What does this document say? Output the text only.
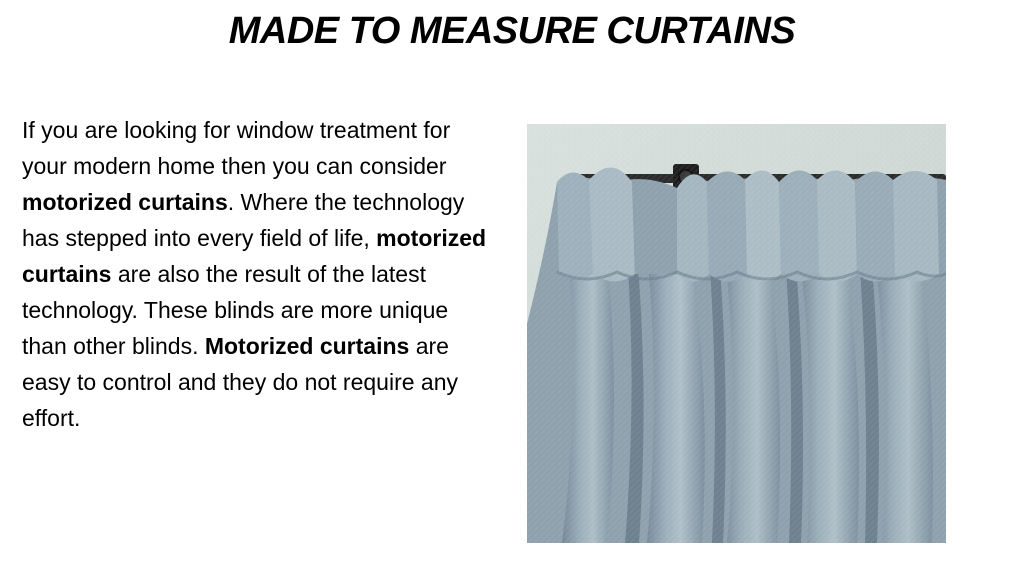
MADE TO MEASURE CURTAINS
If you are looking for window treatment for your modern home then you can consider motorized curtains. Where the technology has stepped into every field of life, motorized curtains are also the result of the latest technology. These blinds are more unique than other blinds. Motorized curtains are easy to control and they do not require any effort.
